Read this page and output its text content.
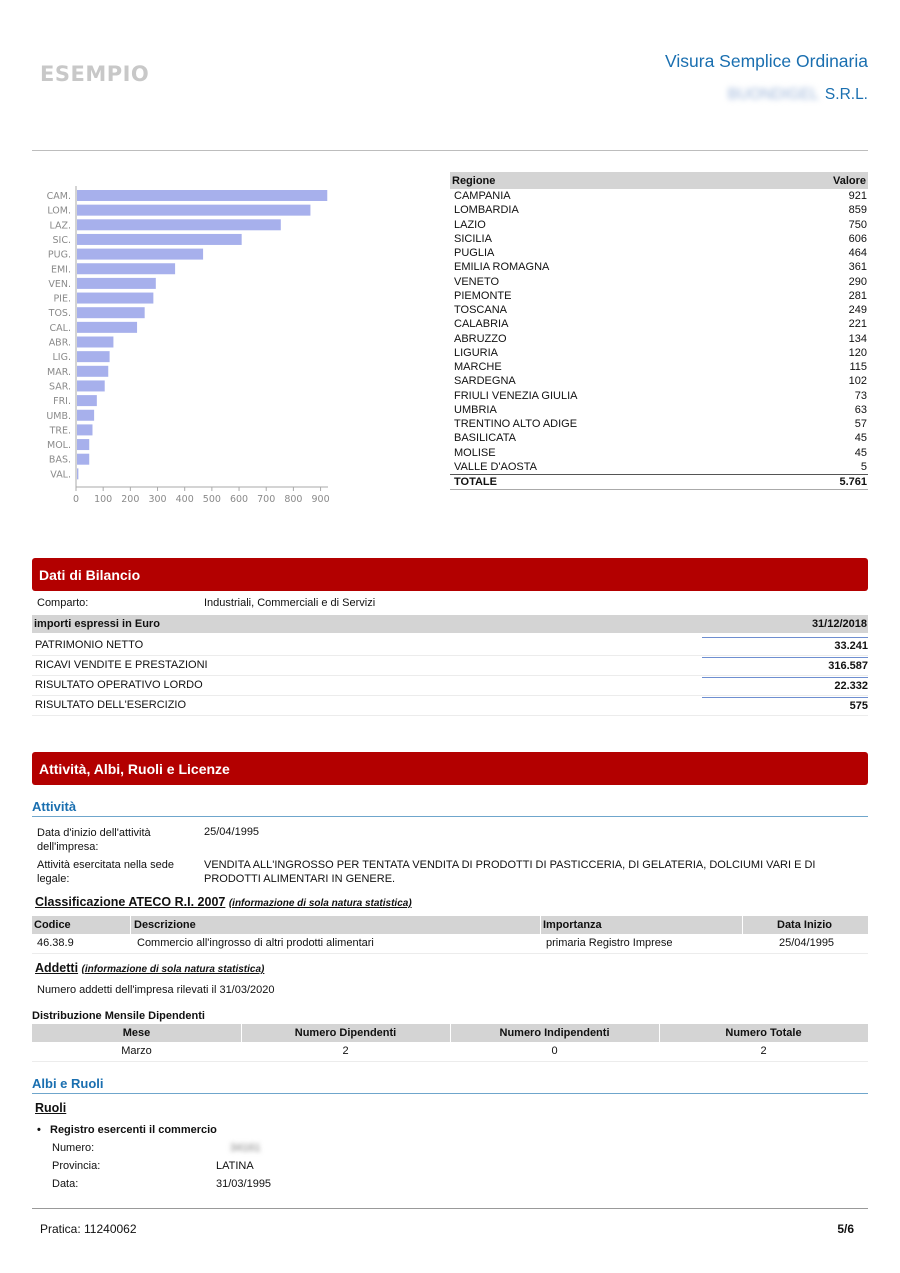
ESEMPIO
Visura Semplice Ordinaria
BUONDIGEL S.R.L.
CAM.
LOM.
LAZ.
SIC.
PUG.
EMI.
VEN.
PIE.
TOS.
CAL.
ABR.
LIG.
MAR.
SAR.
FRI.
UMB.
TRE.
MOL.
BAS.
VAL.
0 100 200 300 400 500 600 700 800 900
Regione	Valore
CAMPANIA	921
LOMBARDIA	859
LAZIO	750
SICILIA	606
PUGLIA	464
EMILIA ROMAGNA	361
VENETO	290
PIEMONTE	281
TOSCANA	249
CALABRIA	221
ABRUZZO	134
LIGURIA	120
MARCHE	115
SARDEGNA	102
FRIULI VENEZIA GIULIA	73
UMBRIA	63
TRENTINO ALTO ADIGE	57
BASILICATA	45
MOLISE	45
VALLE D'AOSTA	5
TOTALE	5.761
Dati di Bilancio
Comparto:	Industriali, Commerciali e di Servizi
importi espressi in Euro	31/12/2018
PATRIMONIO NETTO	33.241
RICAVI VENDITE E PRESTAZIONI	316.587
RISULTATO OPERATIVO LORDO	22.332
RISULTATO DELL'ESERCIZIO	575
Attività, Albi, Ruoli e Licenze
Attività
Data d'inizio dell'attività dell'impresa:
25/04/1995
Attività esercitata nella sede legale:
VENDITA ALL'INGROSSO PER TENTATA VENDITA DI PRODOTTI DI PASTICCERIA, DI GELATERIA, DOLCIUMI VARI E DI PRODOTTI ALIMENTARI IN GENERE.
Classificazione ATECO R.I. 2007 (informazione di sola natura statistica)
Codice	Descrizione	Importanza	Data Inizio
46.38.9	Commercio all'ingrosso di altri prodotti alimentari	primaria Registro Imprese	25/04/1995
Addetti (informazione di sola natura statistica)
Numero addetti dell'impresa rilevati il 31/03/2020
Distribuzione Mensile Dipendenti
Mese	Numero Dipendenti	Numero Indipendenti	Numero Totale
Marzo	2	0	2
Albi e Ruoli
Ruoli
• Registro esercenti il commercio
Numero:	34161
Provincia:	LATINA
Data:	31/03/1995
Pratica: 11240062	5/6
